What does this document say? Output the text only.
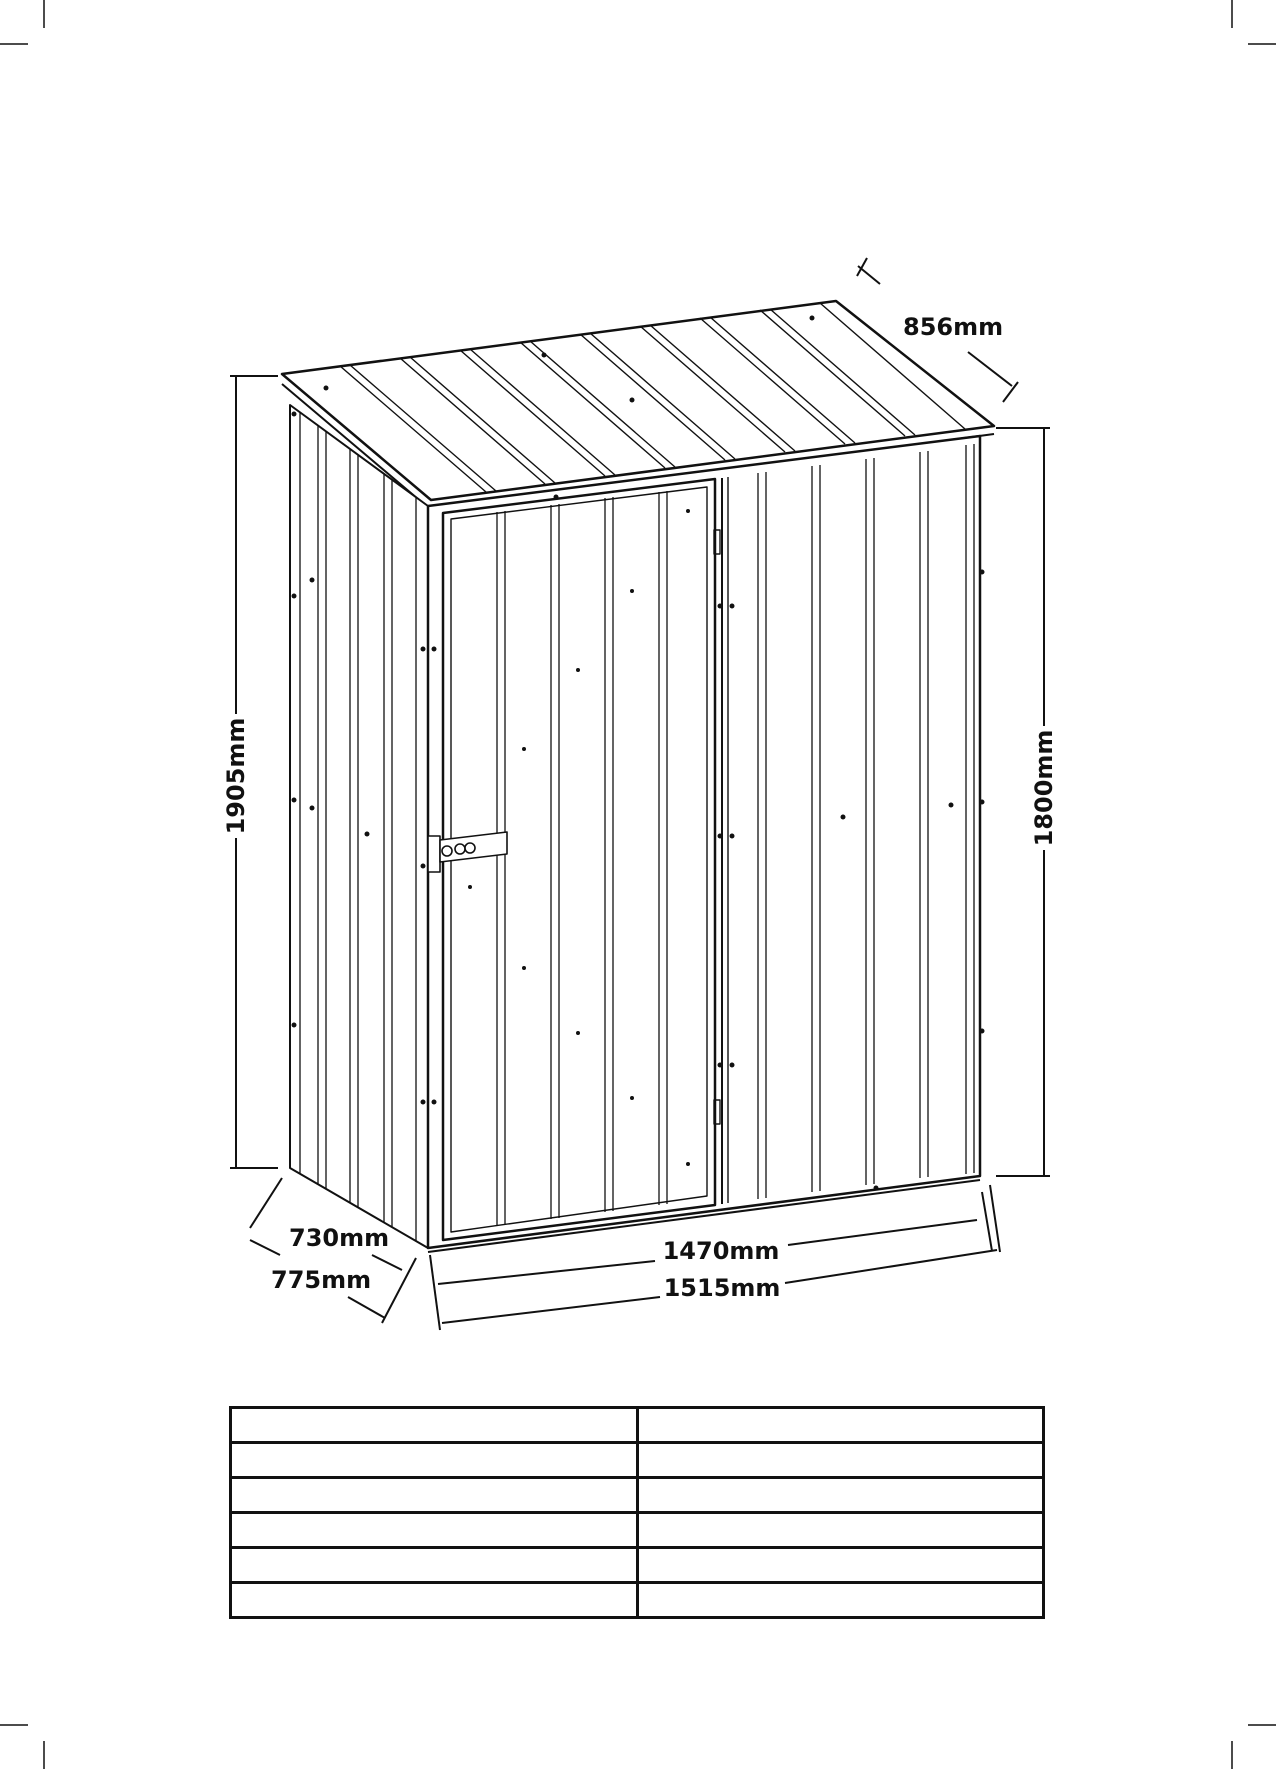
856mm
1905mm	1800mm
730mm
775mm
1470mm
1515mm
